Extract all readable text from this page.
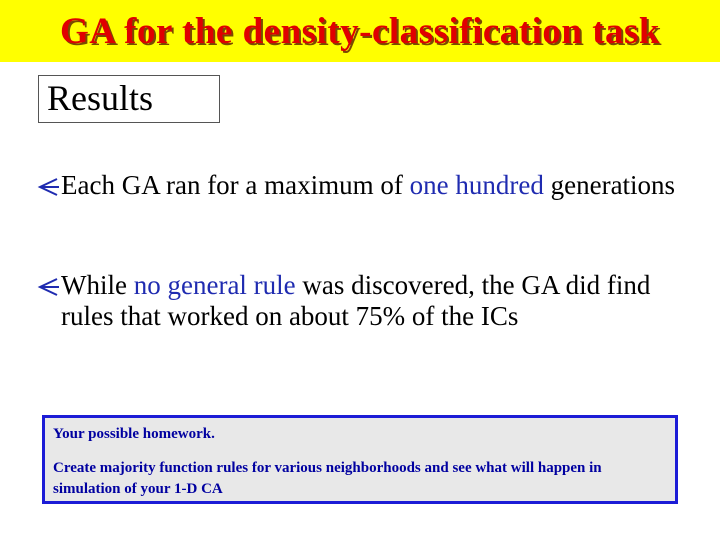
GA for the density-classification task
Results
Each GA ran for a maximum of one hundred generations
While no general rule was discovered, the GA did find rules that worked on about 75% of the ICs
Your possible homework.
Create majority function rules for various neighborhoods and see what will happen in simulation of your 1-D CA
